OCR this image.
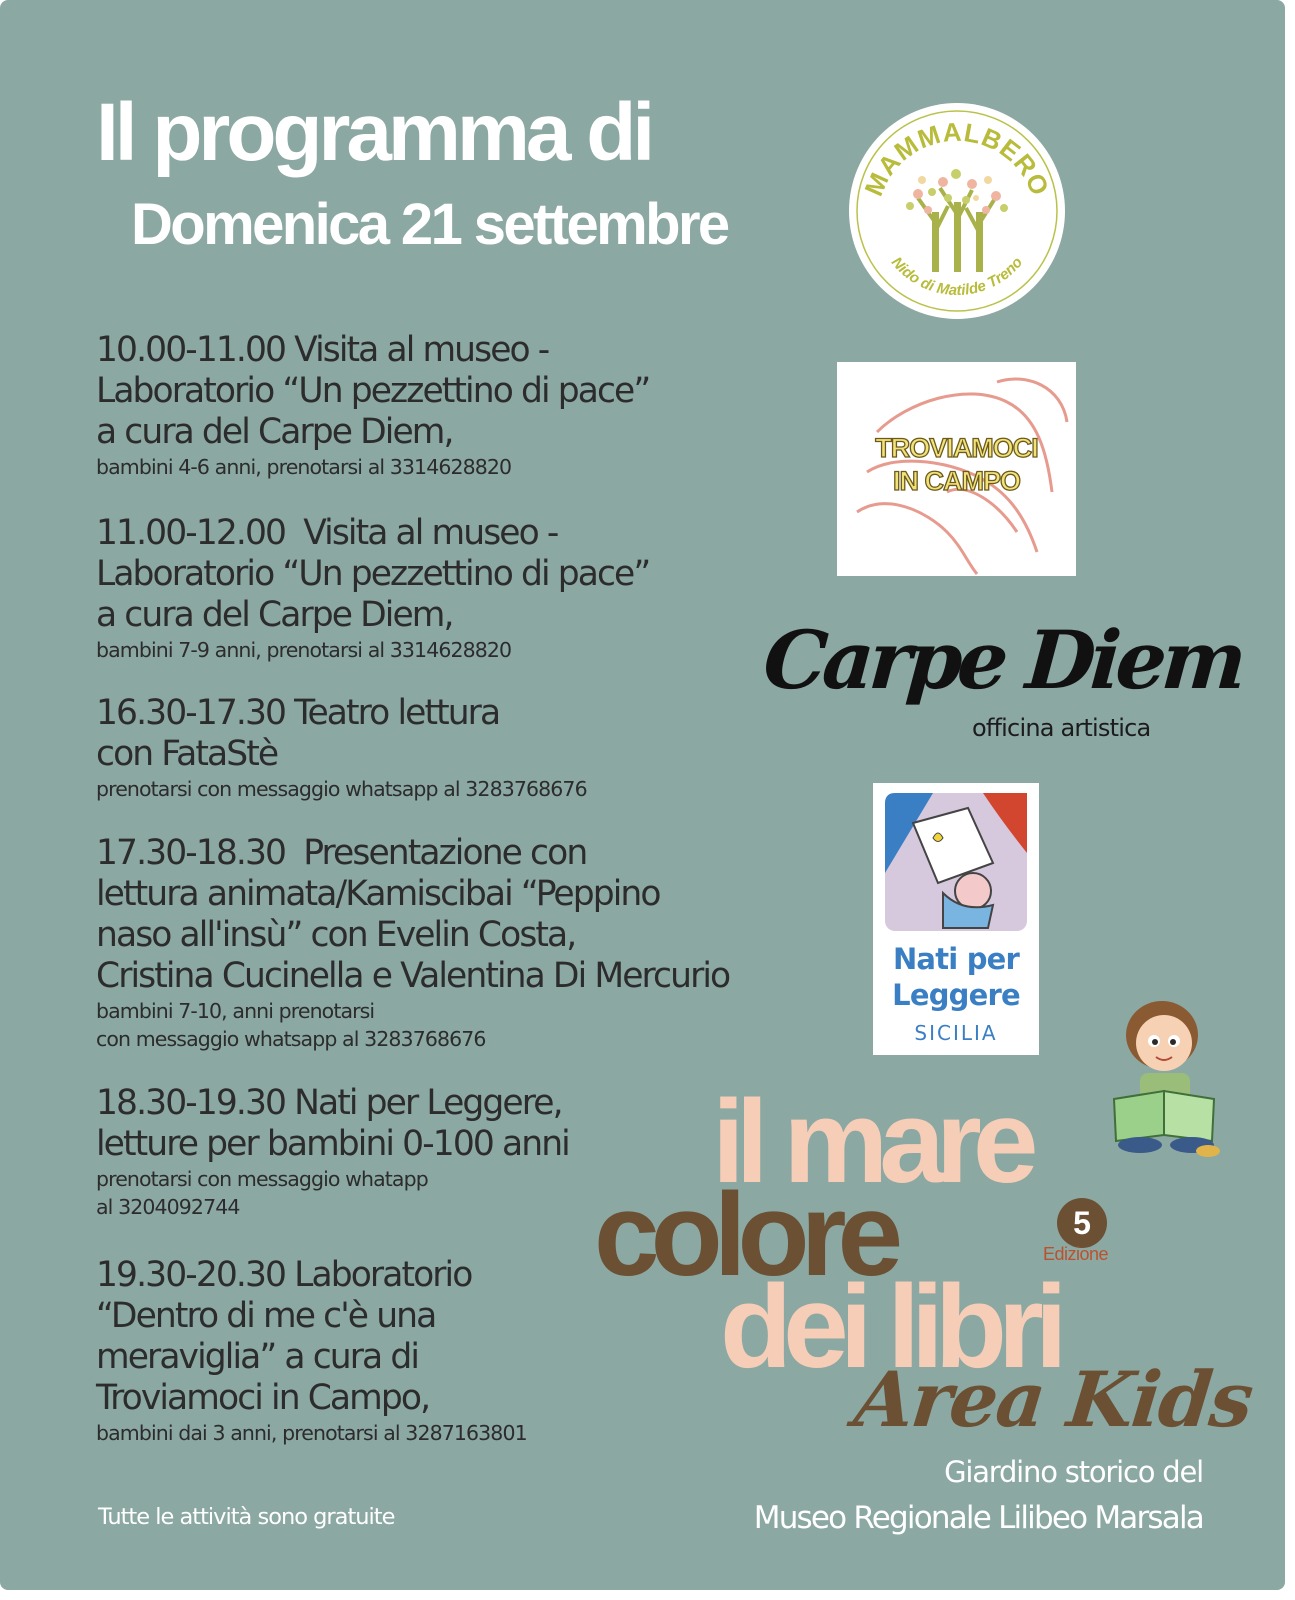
Il programma di
Domenica 21 settembre
10.00-11.00 Visita al museo -
Laboratorio “Un pezzettino di pace”
a cura del Carpe Diem,
bambini 4-6 anni, prenotarsi al 3314628820
11.00-12.00  Visita al museo -
Laboratorio “Un pezzettino di pace”
a cura del Carpe Diem,
bambini 7-9 anni, prenotarsi al 3314628820
16.30-17.30 Teatro lettura
con FataStè
prenotarsi con messaggio whatsapp al 3283768676
17.30-18.30  Presentazione con
lettura animata/Kamiscibai “Peppino
naso all'insù” con Evelin Costa,
Cristina Cucinella e Valentina Di Mercurio
bambini 7-10, anni prenotarsi
con messaggio whatsapp al 3283768676
18.30-19.30 Nati per Leggere,
letture per bambini 0-100 anni
prenotarsi con messaggio whatapp
al 3204092744
19.30-20.30 Laboratorio
“Dentro di me c'è una
meraviglia” a cura di
Troviamoci in Campo,
bambini dai 3 anni, prenotarsi al 3287163801
MAMMALBERO
Nido di Matilde Treno
TROVIAMOCI
IN CAMPO
Carpe Diem
officina artistica
Nati per
Leggere
SICILIA
il mare
colore
dei libri
Area Kids
5
Edizione
Tutte le attività sono gratuite
Giardino storico del
Museo Regionale Lilibeo Marsala
